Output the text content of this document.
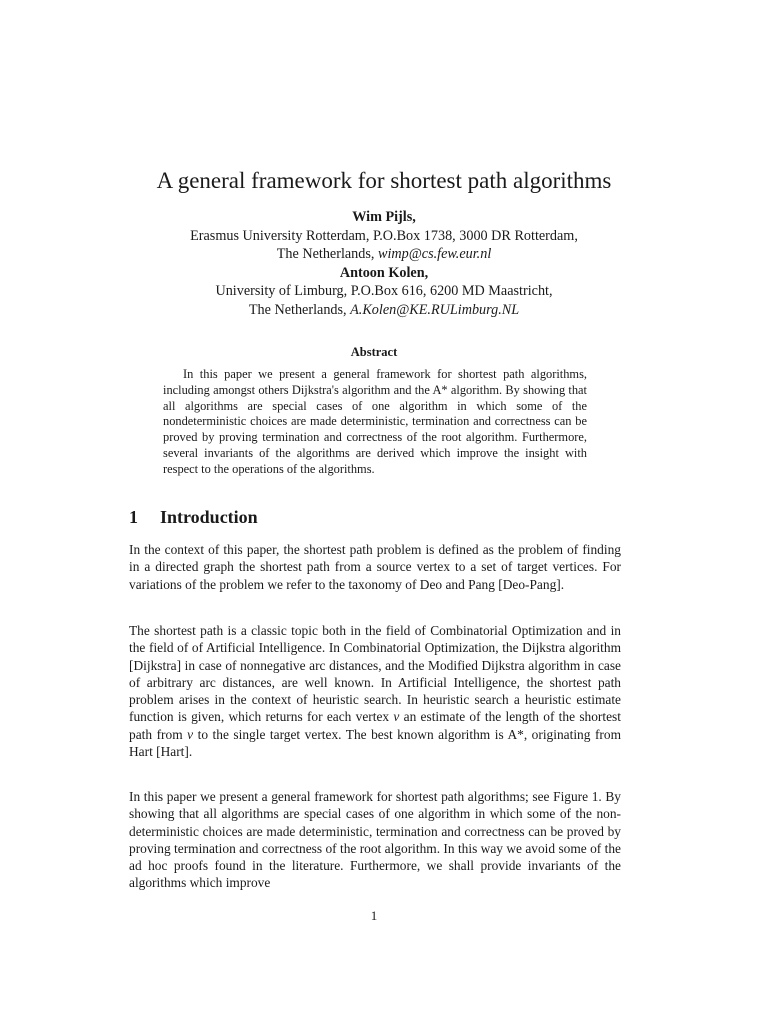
A general framework for shortest path algorithms
Wim Pijls,
Erasmus University Rotterdam, P.O.Box 1738, 3000 DR Rotterdam,
The Netherlands, wimp@cs.few.eur.nl
Antoon Kolen,
University of Limburg, P.O.Box 616, 6200 MD Maastricht,
The Netherlands, A.Kolen@KE.RULimburg.NL
Abstract

In this paper we present a general framework for shortest path algorithms, including amongst others Dijkstra's algorithm and the A* algorithm. By showing that all algorithms are special cases of one algorithm in which some of the nondeterministic choices are made deterministic, termination and correctness can be proved by proving termination and correctness of the root algorithm. Furthermore, several invariants of the algorithms are derived which improve the insight with respect to the operations of the algorithms.

1 Introduction

In the context of this paper, the shortest path problem is defined as the problem of finding in a directed graph the shortest path from a source vertex to a set of target vertices. For variations of the problem we refer to the taxonomy of Deo and Pang [Deo-Pang].

The shortest path is a classic topic both in the field of Combinatorial Optimization and in the field of of Artificial Intelligence. In Combinatorial Optimization, the Dijkstra algorithm [Dijkstra] in case of nonnegative arc distances, and the Modified Dijkstra algorithm in case of arbitrary arc distances, are well known. In Artificial Intelligence, the shortest path problem arises in the context of heuristic search. In heuristic search a heuristic estimate function is given, which returns for each vertex v an estimate of the length of the shortest path from v to the single target vertex. The best known algorithm is A*, originating from Hart [Hart].

In this paper we present a general framework for shortest path algorithms; see Figure 1. By showing that all algorithms are special cases of one algorithm in which some of the non-deterministic choices are made deterministic, termination and correctness can be proved by proving termination and correctness of the root algorithm. In this way we avoid some of the ad hoc proofs found in the literature. Furthermore, we shall provide invariants of the algorithms which improve

1
